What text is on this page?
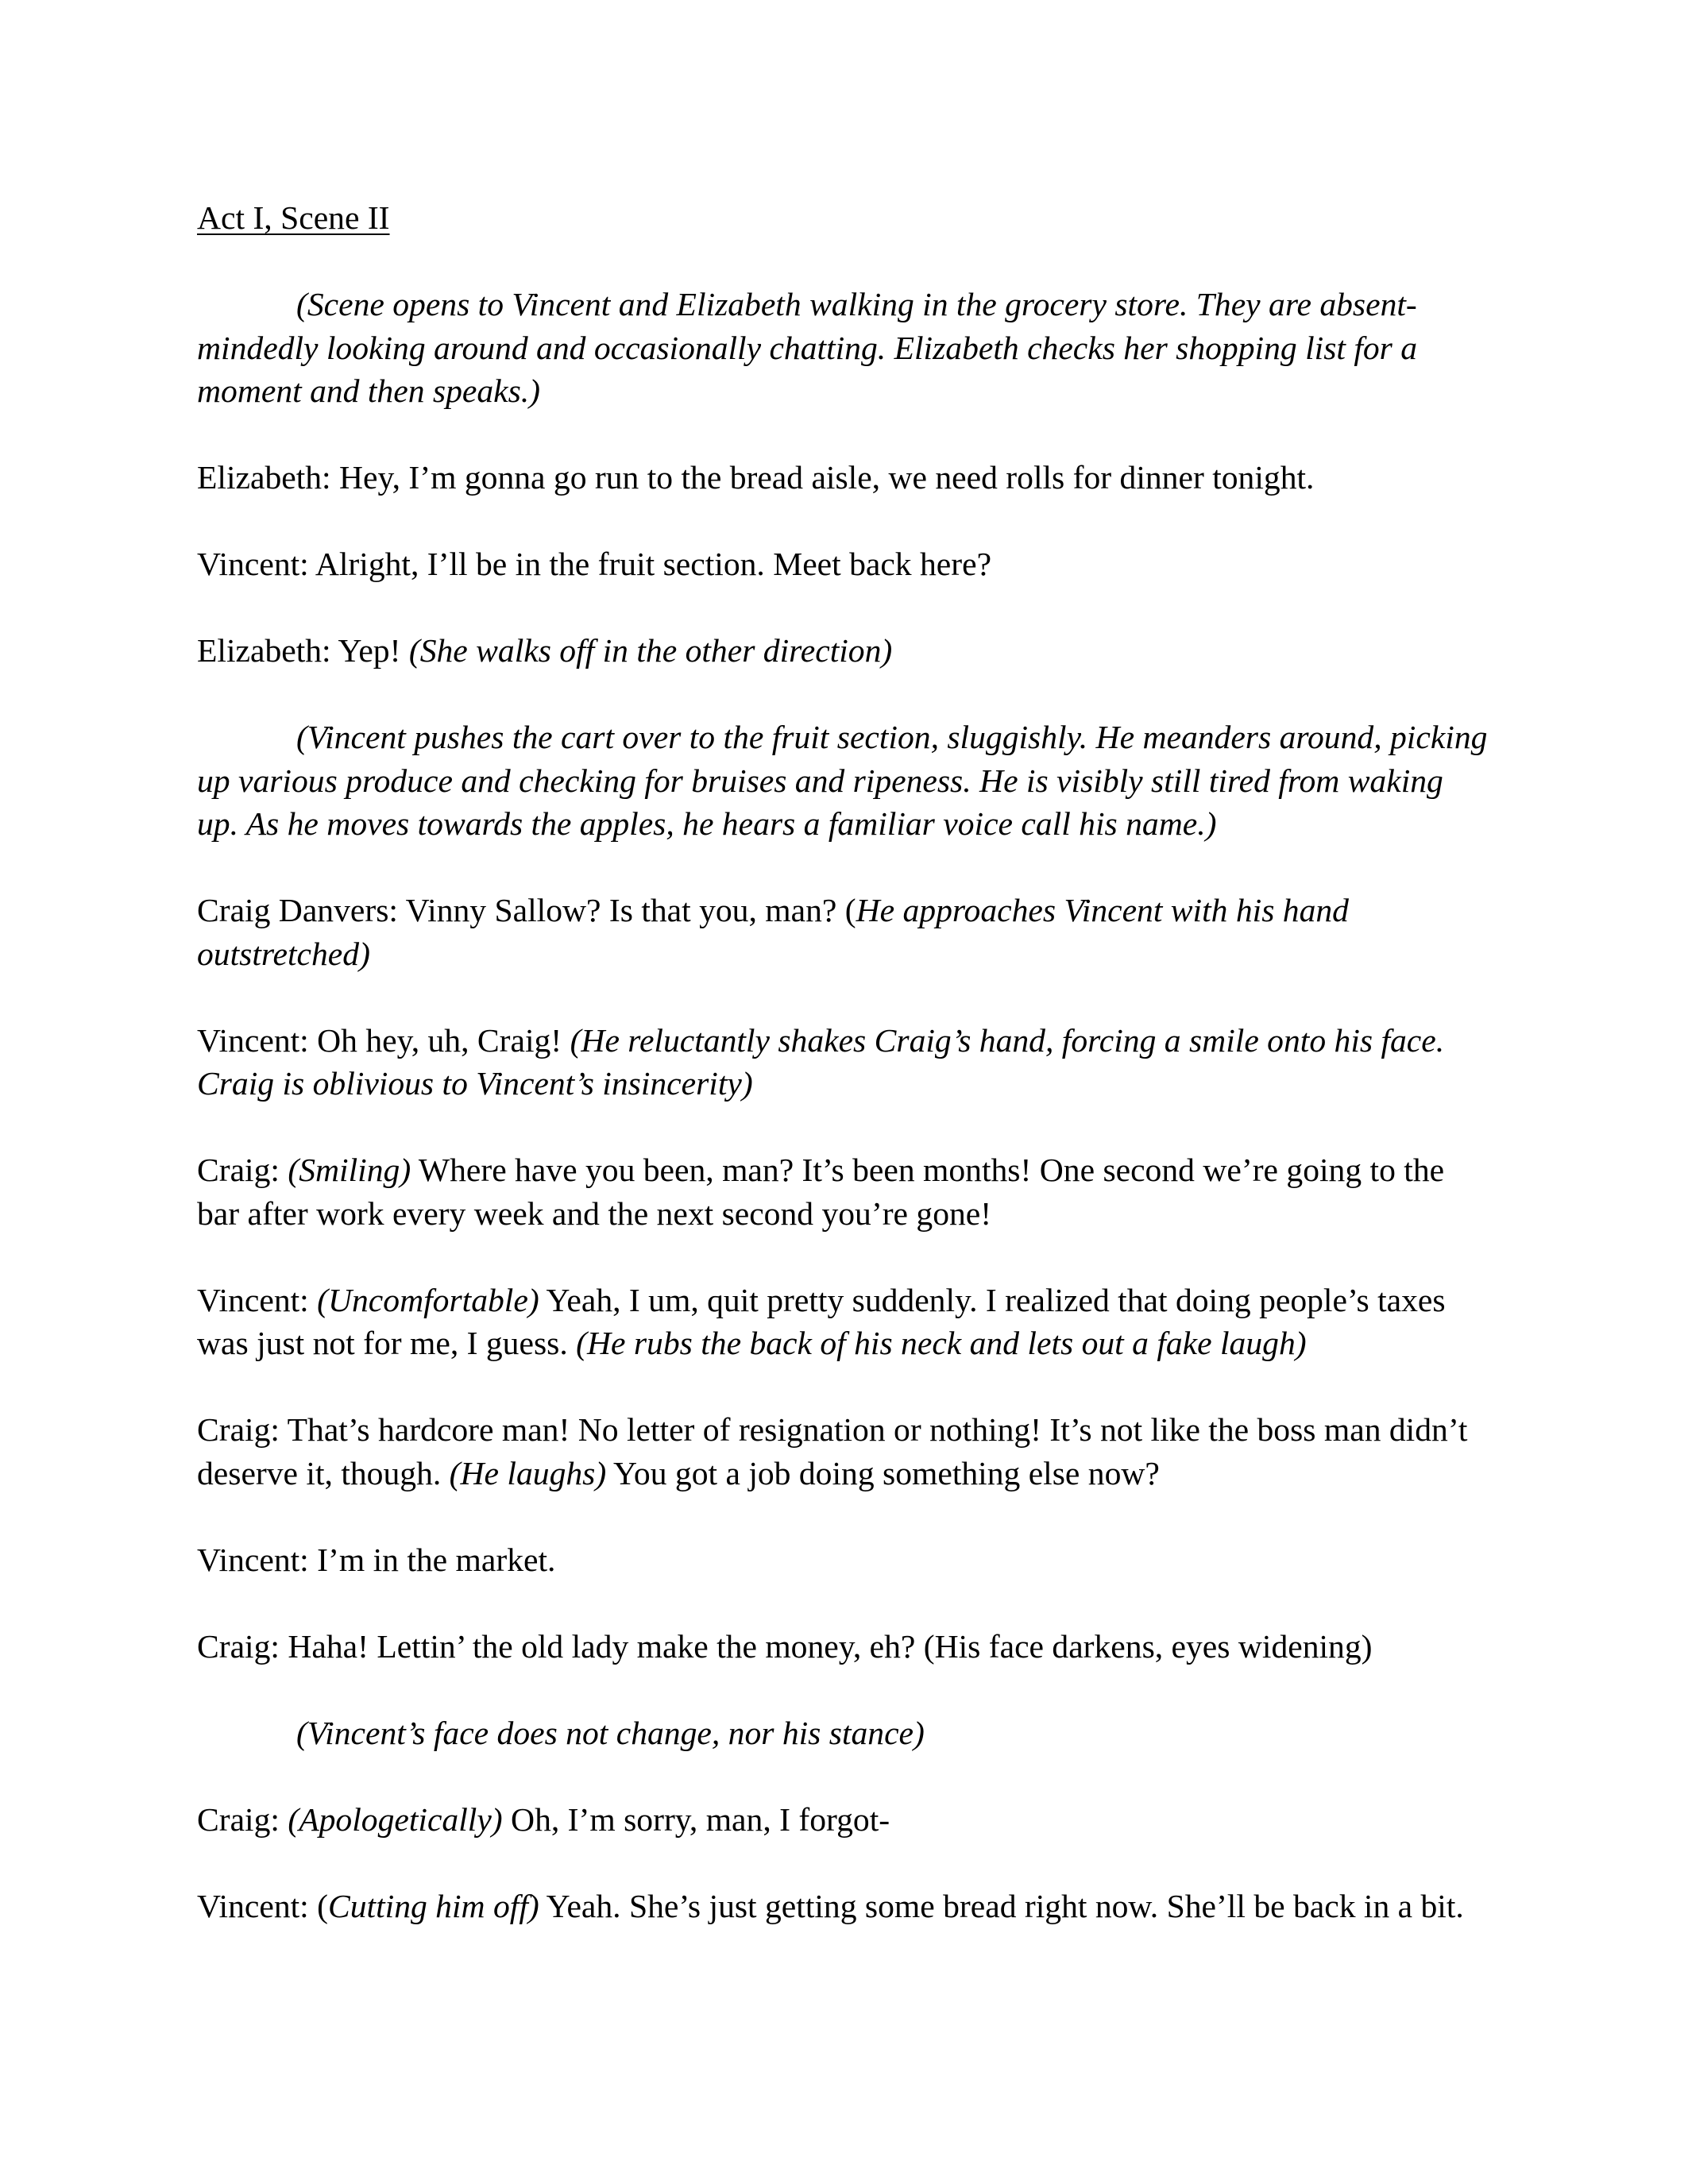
Act I, Scene II

(Scene opens to Vincent and Elizabeth walking in the grocery store. They are absent-mindedly looking around and occasionally chatting. Elizabeth checks her shopping list for a moment and then speaks.)

Elizabeth: Hey, I’m gonna go run to the bread aisle, we need rolls for dinner tonight.

Vincent: Alright, I’ll be in the fruit section. Meet back here?

Elizabeth: Yep! (She walks off in the other direction)

(Vincent pushes the cart over to the fruit section, sluggishly. He meanders around, picking up various produce and checking for bruises and ripeness. He is visibly still tired from waking up. As he moves towards the apples, he hears a familiar voice call his name.)

Craig Danvers: Vinny Sallow? Is that you, man? (He approaches Vincent with his hand outstretched)

Vincent: Oh hey, uh, Craig! (He reluctantly shakes Craig’s hand, forcing a smile onto his face. Craig is oblivious to Vincent’s insincerity)

Craig: (Smiling) Where have you been, man? It’s been months! One second we’re going to the bar after work every week and the next second you’re gone!

Vincent: (Uncomfortable) Yeah, I um, quit pretty suddenly. I realized that doing people’s taxes was just not for me, I guess. (He rubs the back of his neck and lets out a fake laugh)

Craig: That’s hardcore man! No letter of resignation or nothing! It’s not like the boss man didn’t deserve it, though. (He laughs) You got a job doing something else now?

Vincent: I’m in the market.

Craig: Haha! Lettin’ the old lady make the money, eh? (His face darkens, eyes widening)

(Vincent’s face does not change, nor his stance)

Craig: (Apologetically) Oh, I’m sorry, man, I forgot-

Vincent: (Cutting him off) Yeah. She’s just getting some bread right now. She’ll be back in a bit.
